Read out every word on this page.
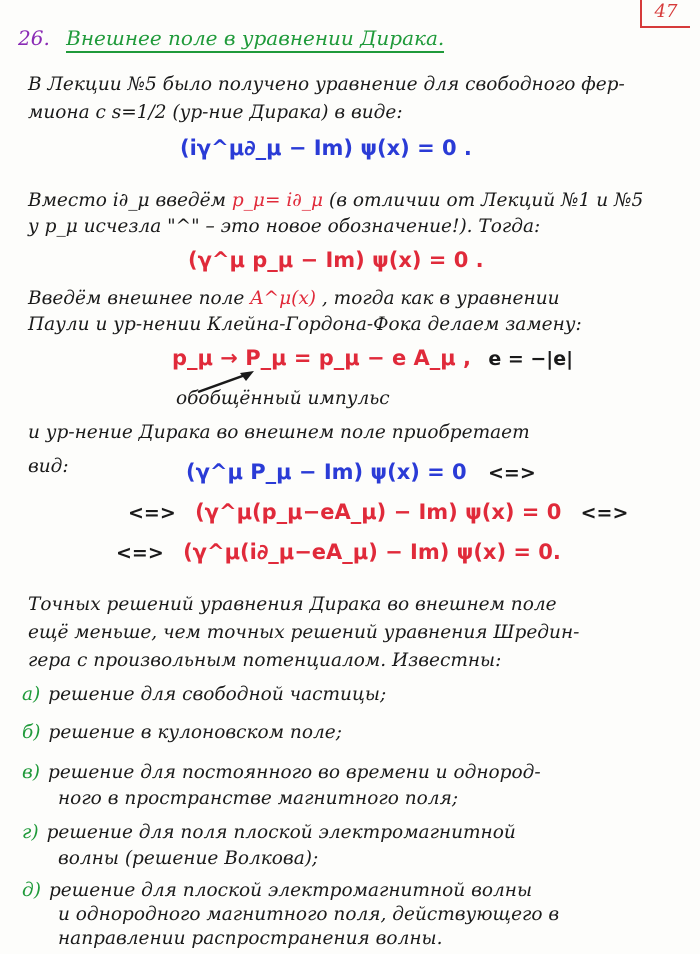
47
26. Внешнее поле в уравнении Дирака.
В Лекции №5 было получено уравнение для свободного фер-
миона с s=1/2 (ур-ние Дирака) в виде:
(iγ^μ∂_μ − Im) ψ(x) = 0 .
Вместо i∂_μ введём p_μ= i∂_μ (в отличии от Лекций №1 и №5
у p_μ исчезла "^" – это новое обозначение!). Тогда:
(γ^μ p_μ − Im) ψ(x) = 0 .
Введём внешнее поле A^μ(x) , тогда как в уравнении
Паули и ур-нении Клейна-Гордона-Фока делаем замену:
p_μ → P_μ = p_μ − e A_μ , e = −|e|
обобщённый импульс
и ур-нение Дирака во внешнем поле приобретает
вид:	(γ^μ P_μ − Im) ψ(x) = 0 <=>
<=> (γ^μ(p_μ−eA_μ) − Im) ψ(x) = 0 <=>
<=> (γ^μ(i∂_μ−eA_μ) − Im) ψ(x) = 0.
Точных решений уравнения Дирака во внешнем поле
ещё меньше, чем точных решений уравнения Шредин-
гера с произвольным потенциалом. Известны:
а) решение для свободной частицы;
б) решение в кулоновском поле;
в) решение для постоянного во времени и однород-
ного в пространстве магнитного поля;
г) решение для поля плоской электромагнитной
волны (решение Волкова);
д) решение для плоской электромагнитной волны
и однородного магнитного поля, действующего в
направлении распространения волны.
